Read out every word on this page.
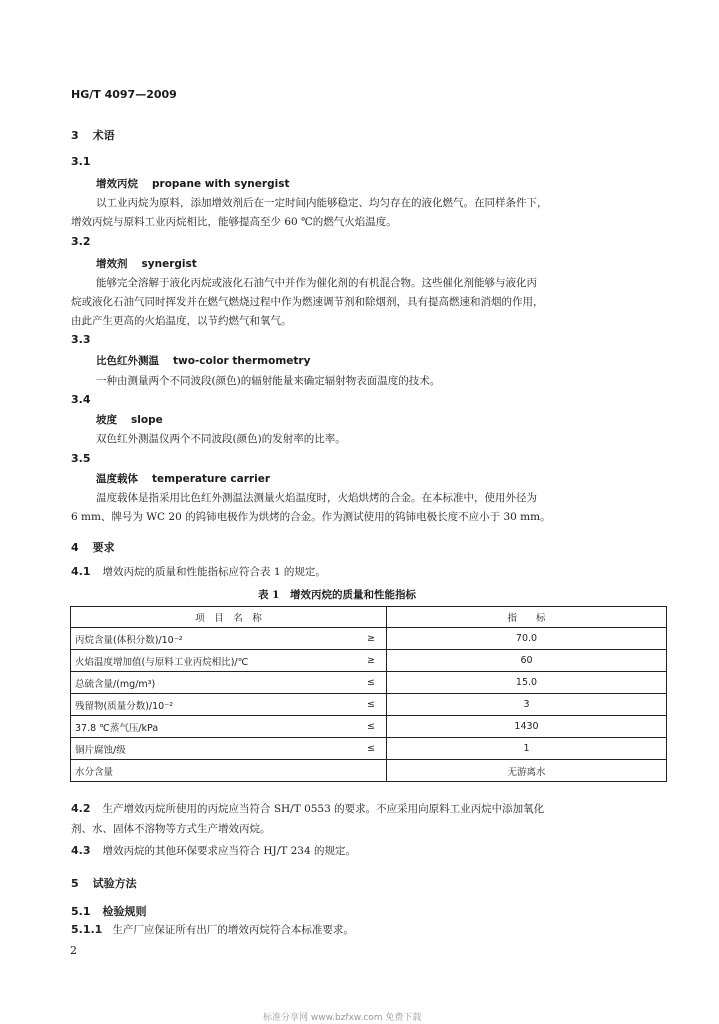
HG/T 4097—2009
3 术语
3.1
增效丙烷 propane with synergist
以工业丙烷为原料，添加增效剂后在一定时间内能够稳定、均匀存在的液化燃气。在同样条件下，
增效丙烷与原料工业丙烷相比，能够提高至少 60 ℃的燃气火焰温度。
3.2
增效剂 synergist
能够完全溶解于液化丙烷或液化石油气中并作为催化剂的有机混合物。这些催化剂能够与液化丙
烷或液化石油气同时挥发并在燃气燃烧过程中作为燃速调节剂和除烟剂，具有提高燃速和消烟的作用，
由此产生更高的火焰温度，以节约燃气和氧气。
3.3
比色红外测温 two-color thermometry
一种由测量两个不同波段(颜色)的辐射能量来确定辐射物表面温度的技术。
3.4
坡度 slope
双色红外测温仪两个不同波段(颜色)的发射率的比率。
3.5
温度载体 temperature carrier
温度载体是指采用比色红外测温法测量火焰温度时，火焰烘烤的合金。在本标准中，使用外径为
6 mm、牌号为 WC 20 的钨铈电极作为烘烤的合金。作为测试使用的钨铈电极长度不应小于 30 mm。
4 要求
4.1 增效丙烷的质量和性能指标应符合表 1 的规定。
表 1　增效丙烷的质量和性能指标
项　目　名　称		指　　标
丙烷含量(体积分数)/10⁻²	≥	70.0
火焰温度增加值(与原料工业丙烷相比)/℃	≥	60
总硫含量/(mg/m³)	≤	15.0
残留物(质量分数)/10⁻²	≤	3
37.8 ℃蒸气压/kPa	≤	1430
铜片腐蚀/级	≤	1
水分含量		无游离水
4.2 生产增效丙烷所使用的丙烷应当符合 SH/T 0553 的要求。不应采用向原料工业丙烷中添加氧化
剂、水、固体不溶物等方式生产增效丙烷。
4.3 增效丙烷的其他环保要求应当符合 HJ/T 234 的规定。
5 试验方法
5.1 检验规则
5.1.1 生产厂应保证所有出厂的增效丙烷符合本标准要求。
2
标准分享网 www.bzfxw.com 免费下载
